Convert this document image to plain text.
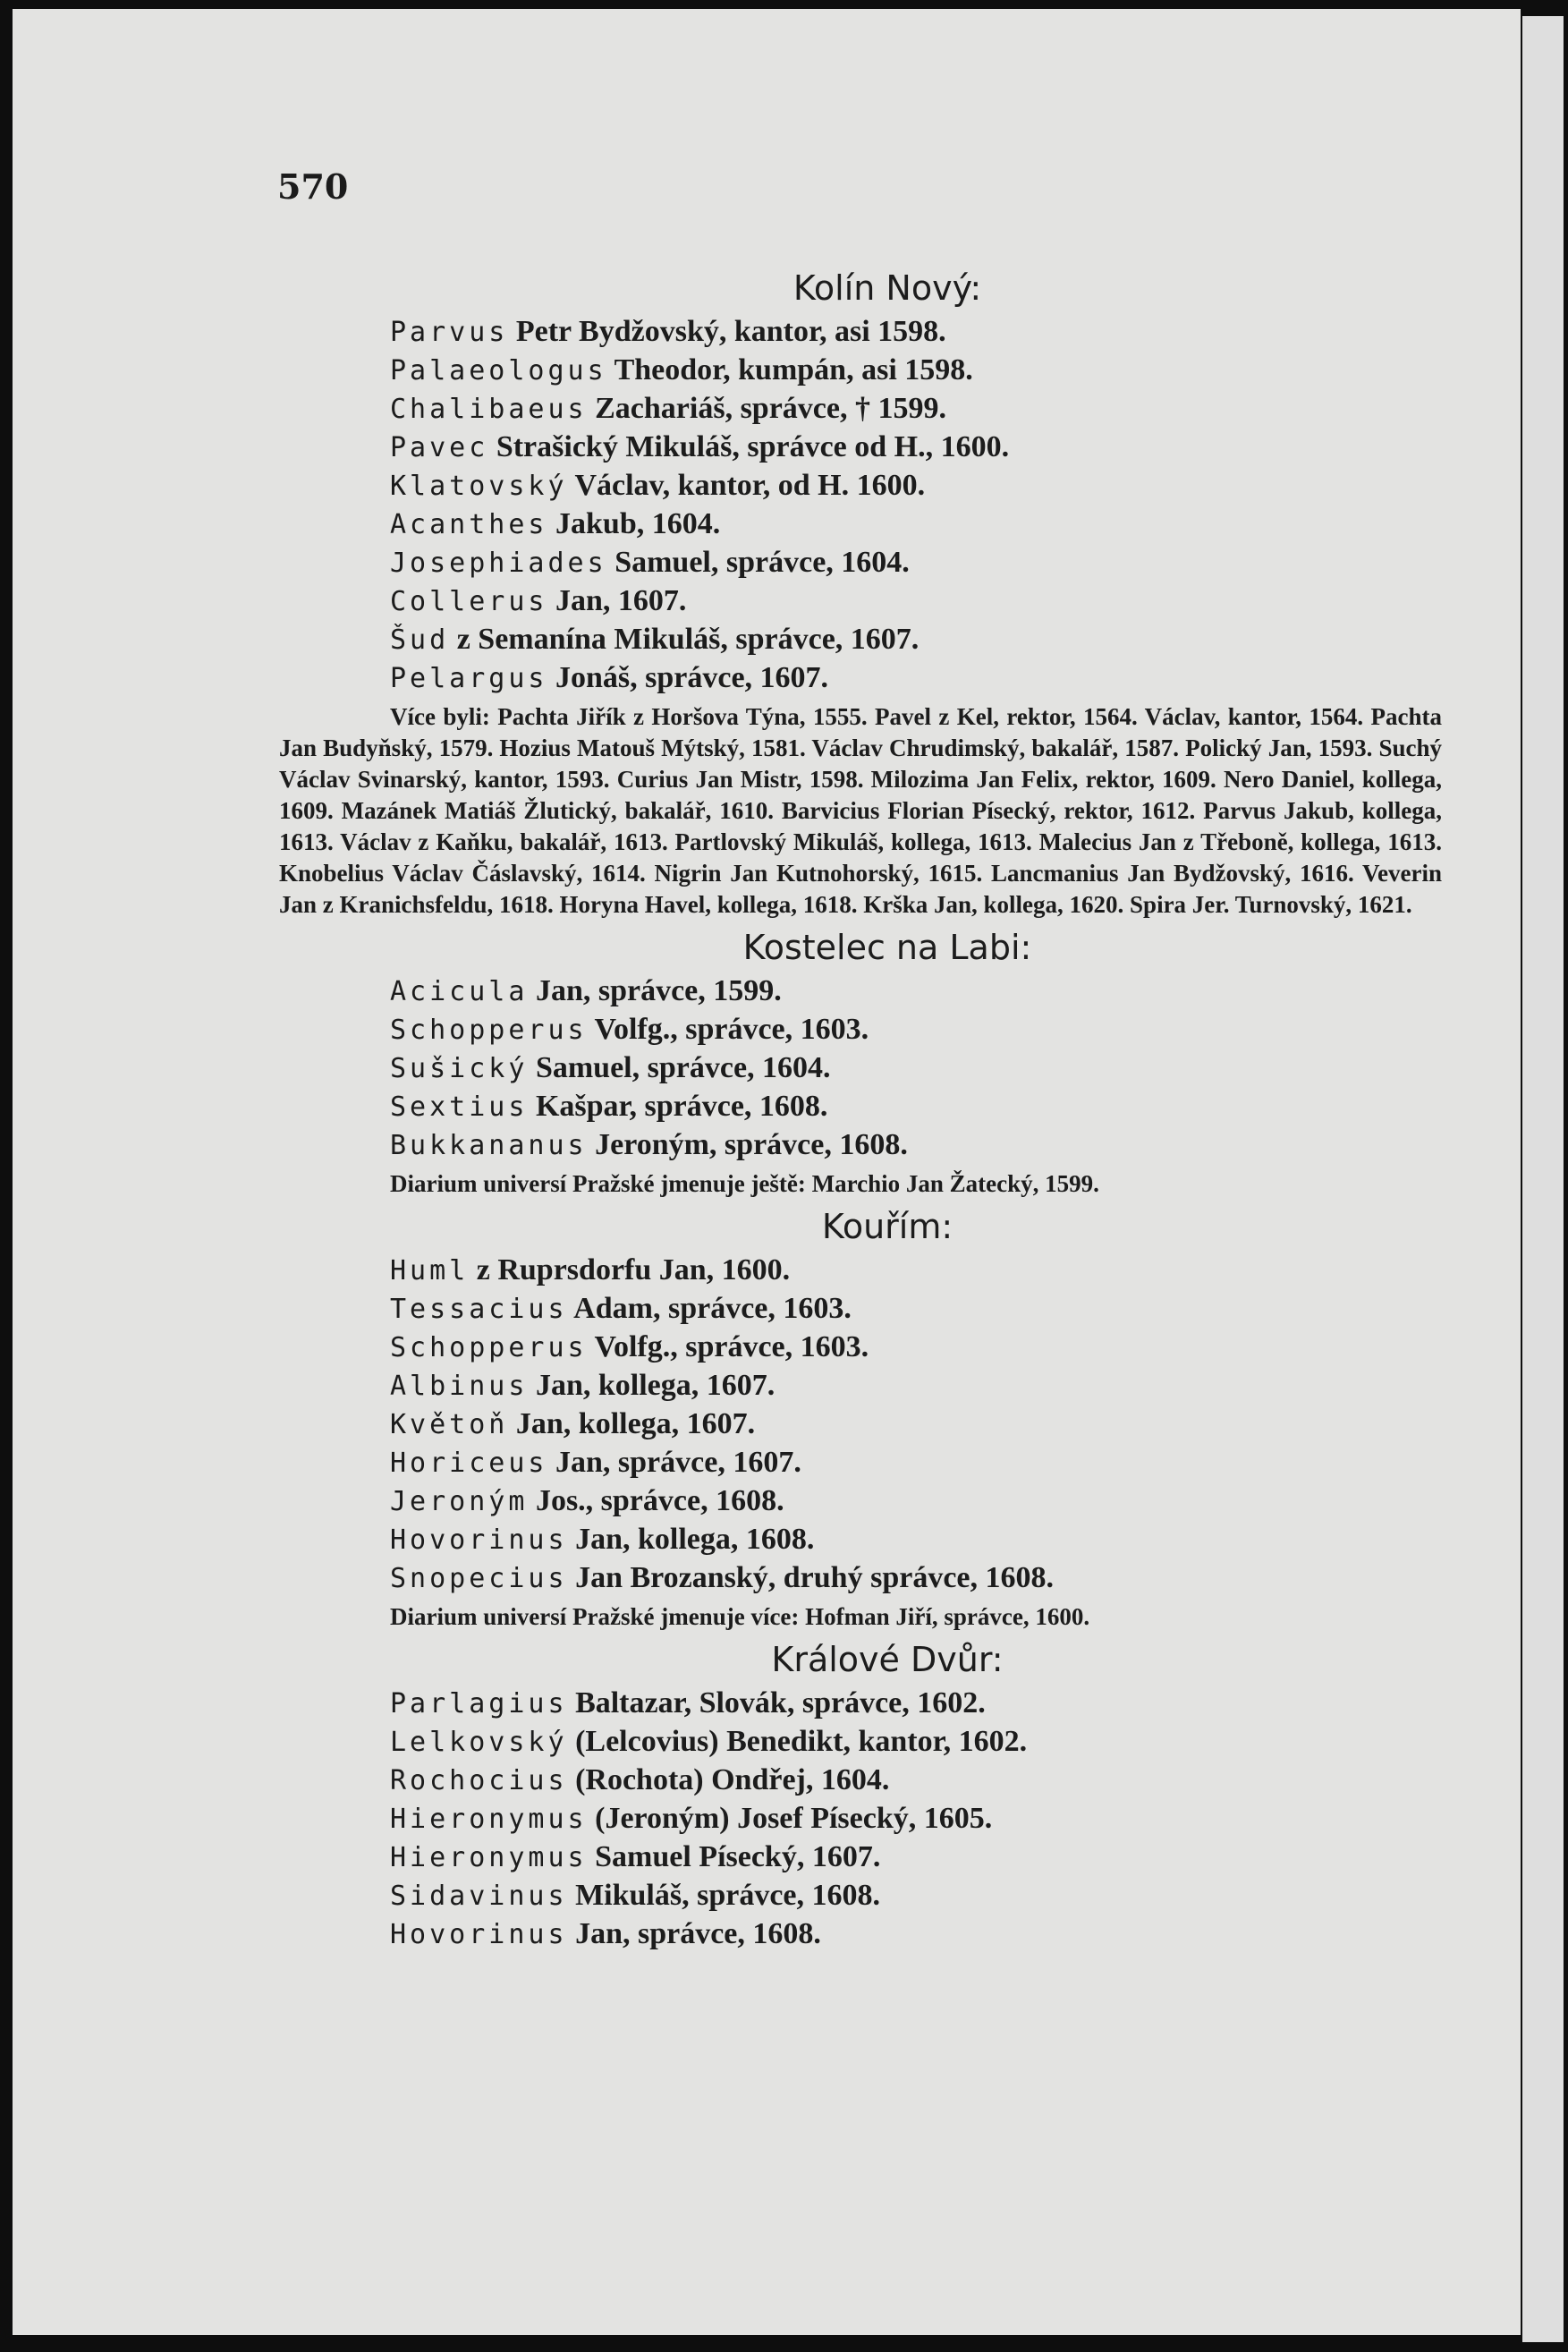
570

Kolín Nový:
Parvus Petr Bydžovský, kantor, asi 1598.
Palaeologus Theodor, kumpán, asi 1598.
Chalibaeus Zachariáš, správce, † 1599.
Pavec Strašický Mikuláš, správce od H., 1600.
Klatovský Václav, kantor, od H. 1600.
Acanthes Jakub, 1604.
Josephiades Samuel, správce, 1604.
Collerus Jan, 1607.
Šud z Semanína Mikuláš, správce, 1607.
Pelargus Jonáš, správce, 1607.

Více byli: Pachta Jiřík z Horšova Týna, 1555. Pavel z Kel, rektor, 1564. Václav, kantor, 1564. Pachta Jan Budyňský, 1579. Hozius Matouš Mýtský, 1581. Václav Chrudimský, bakalář, 1587. Polický Jan, 1593. Suchý Václav Svinarský, kantor, 1593. Curius Jan Mistr, 1598. Milozima Jan Felix, rektor, 1609. Nero Daniel, kollega, 1609. Mazánek Matiáš Žlutický, bakalář, 1610. Barvicius Florian Písecký, rektor, 1612. Parvus Jakub, kollega, 1613. Václav z Kaňku, bakalář, 1613. Partlovský Mikuláš, kollega, 1613. Malecius Jan z Třeboně, kollega, 1613. Knobelius Václav Čáslavský, 1614. Nigrin Jan Kutnohorský, 1615. Lancmanius Jan Bydžovský, 1616. Veverin Jan z Kranichsfeldu, 1618. Horyna Havel, kollega, 1618. Krška Jan, kollega, 1620. Spira Jer. Turnovský, 1621.

Kostelec na Labi:
Acicula Jan, správce, 1599.
Schopperus Volfg., správce, 1603.
Sušický Samuel, správce, 1604.
Sextius Kašpar, správce, 1608.
Bukkananus Jeroným, správce, 1608.

Diarium universí Pražské jmenuje ještě: Marchio Jan Žatecký, 1599.

Kouřím:
Huml z Ruprsdorfu Jan, 1600.
Tessacius Adam, správce, 1603.
Schopperus Volfg., správce, 1603.
Albinus Jan, kollega, 1607.
Květoň Jan, kollega, 1607.
Horiceus Jan, správce, 1607.
Jeroným Jos., správce, 1608.
Hovorinus Jan, kollega, 1608.
Snopecius Jan Brozanský, druhý správce, 1608.

Diarium universí Pražské jmenuje více: Hofman Jiří, správce, 1600.

Králové Dvůr:
Parlagius Baltazar, Slovák, správce, 1602.
Lelkovský (Lelcovius) Benedikt, kantor, 1602.
Rochocius (Rochota) Ondřej, 1604.
Hieronymus (Jeroným) Josef Písecký, 1605.
Hieronymus Samuel Písecký, 1607.
Sidavinus Mikuláš, správce, 1608.
Hovorinus Jan, správce, 1608.
